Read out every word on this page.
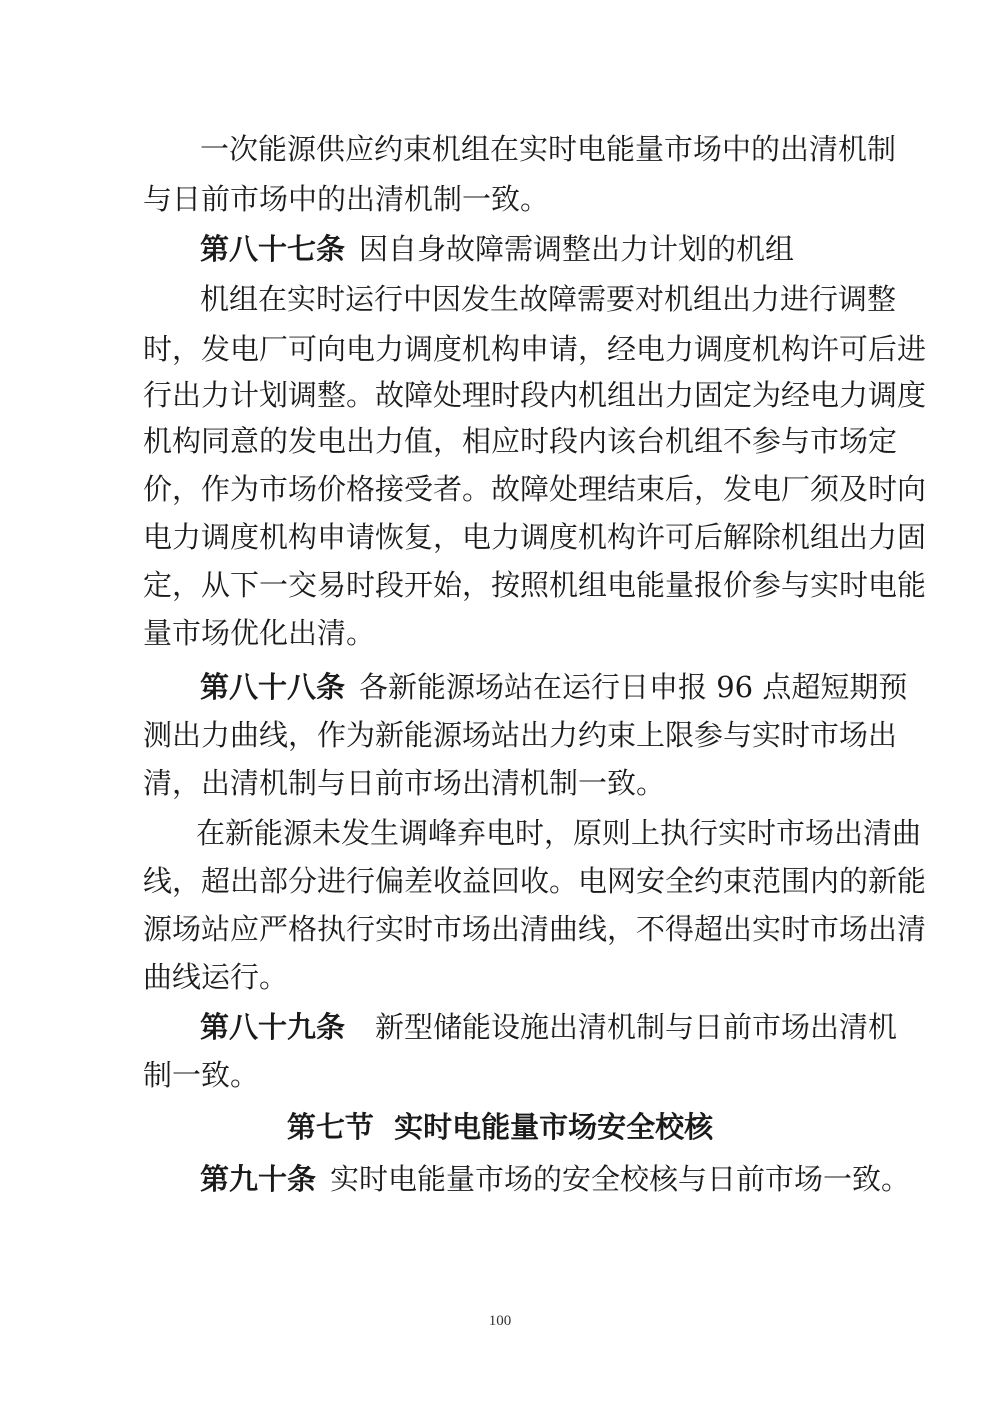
一次能源供应约束机组在实时电能量市场中的出清机制
与日前市场中的出清机制一致。
第八十七条 因自身故障需调整出力计划的机组
机组在实时运行中因发生故障需要对机组出力进行调整
时，发电厂可向电力调度机构申请，经电力调度机构许可后进
行出力计划调整。故障处理时段内机组出力固定为经电力调度
机构同意的发电出力值，相应时段内该台机组不参与市场定
价，作为市场价格接受者。故障处理结束后，发电厂须及时向
电力调度机构申请恢复，电力调度机构许可后解除机组出力固
定，从下一交易时段开始，按照机组电能量报价参与实时电能
量市场优化出清。
第八十八条 各新能源场站在运行日申报 96 点超短期预
测出力曲线，作为新能源场站出力约束上限参与实时市场出
清，出清机制与日前市场出清机制一致。
在新能源未发生调峰弃电时，原则上执行实时市场出清曲
线，超出部分进行偏差收益回收。电网安全约束范围内的新能
源场站应严格执行实时市场出清曲线，不得超出实时市场出清
曲线运行。
第八十九条 新型储能设施出清机制与日前市场出清机
制一致。
第七节  实时电能量市场安全校核
第九十条 实时电能量市场的安全校核与日前市场一致。
100
